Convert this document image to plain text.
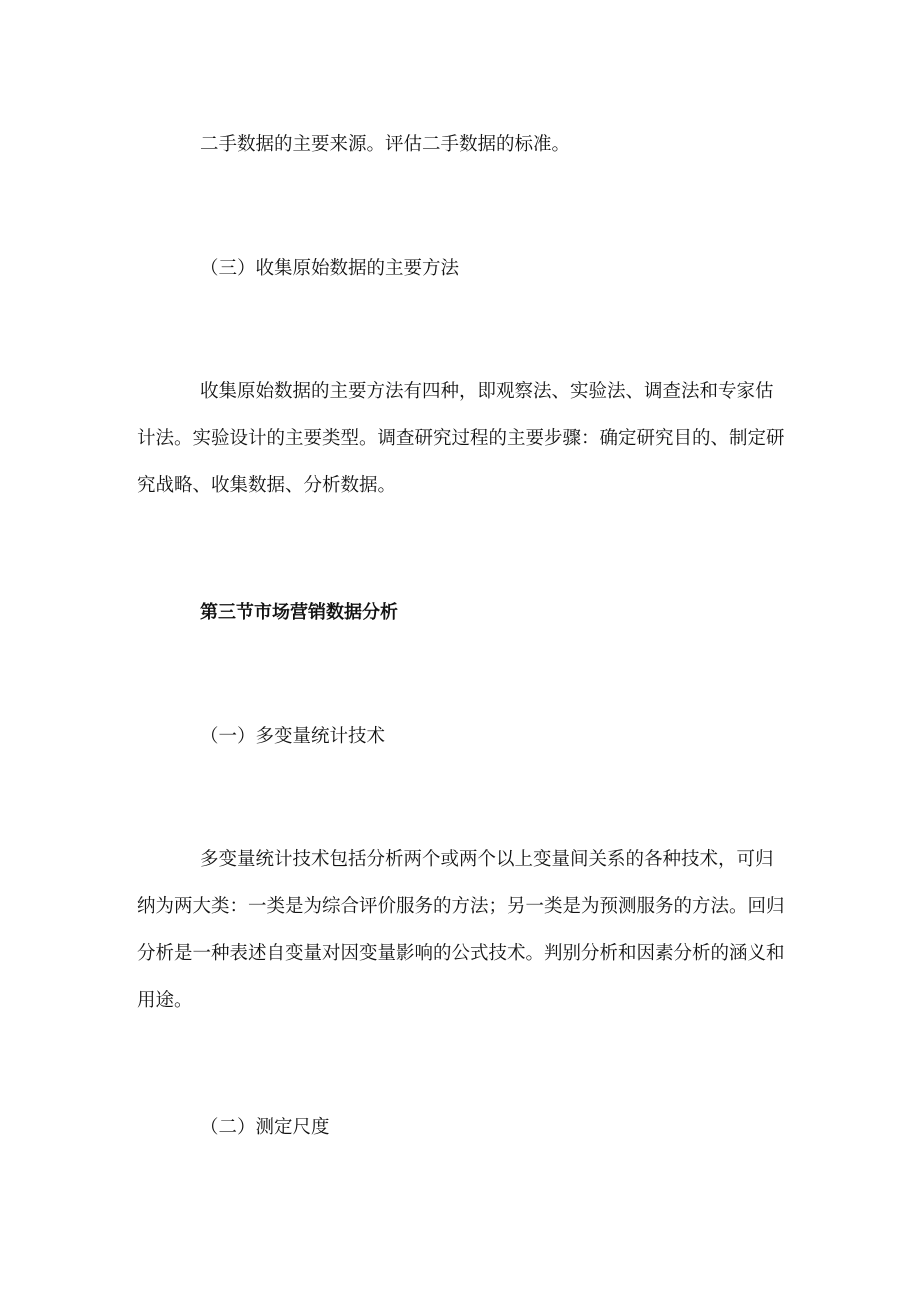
二手数据的主要来源。评估二手数据的标准。

（三）收集原始数据的主要方法

收集原始数据的主要方法有四种，即观察法、实验法、调查法和专家估计法。实验设计的主要类型。调查研究过程的主要步骤：确定研究目的、制定研究战略、收集数据、分析数据。

第三节市场营销数据分析

（一）多变量统计技术

多变量统计技术包括分析两个或两个以上变量间关系的各种技术，可归纳为两大类：一类是为综合评价服务的方法；另一类是为预测服务的方法。回归分析是一种表述自变量对因变量影响的公式技术。判别分析和因素分析的涵义和用途。

（二）测定尺度
